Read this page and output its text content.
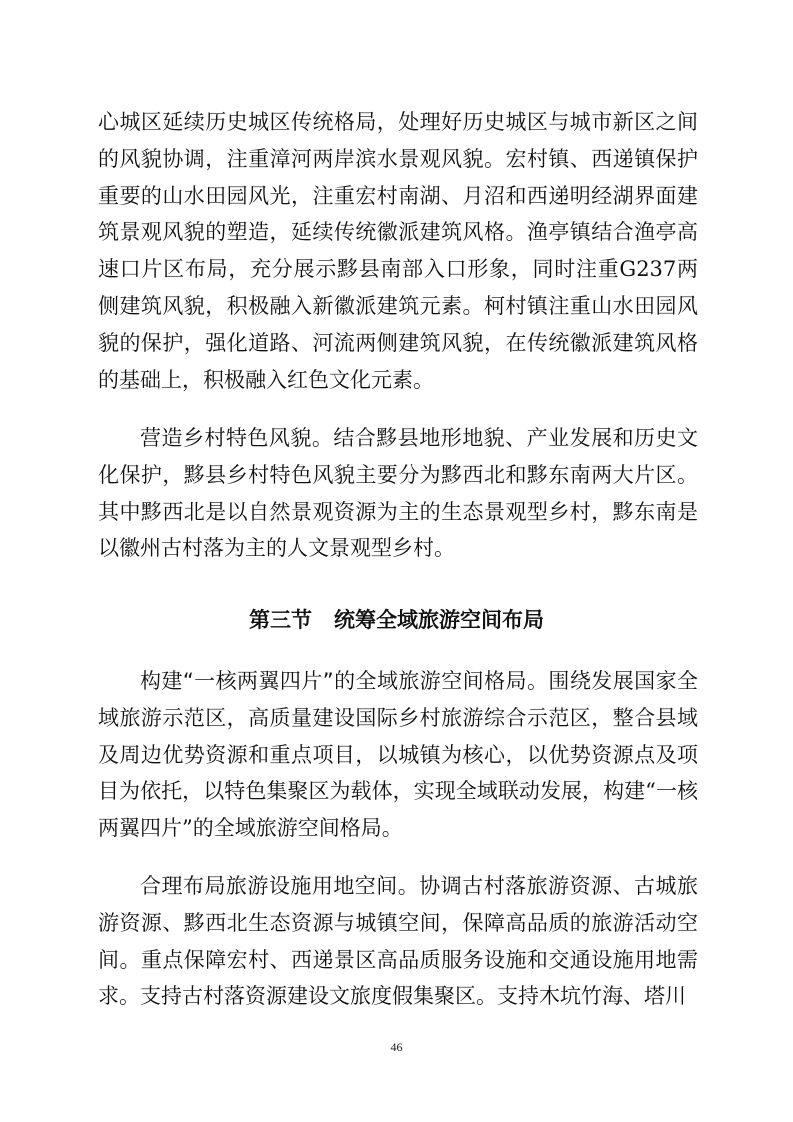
心城区延续历史城区传统格局，处理好历史城区与城市新区之间的风貌协调，注重漳河两岸滨水景观风貌。宏村镇、西递镇保护重要的山水田园风光，注重宏村南湖、月沼和西递明经湖界面建筑景观风貌的塑造，延续传统徽派建筑风格。渔亭镇结合渔亭高速口片区布局，充分展示黟县南部入口形象，同时注重G237两侧建筑风貌，积极融入新徽派建筑元素。柯村镇注重山水田园风貌的保护，强化道路、河流两侧建筑风貌，在传统徽派建筑风格的基础上，积极融入红色文化元素。

营造乡村特色风貌。结合黟县地形地貌、产业发展和历史文化保护，黟县乡村特色风貌主要分为黟西北和黟东南两大片区。其中黟西北是以自然景观资源为主的生态景观型乡村，黟东南是以徽州古村落为主的人文景观型乡村。

第三节   统筹全域旅游空间布局

构建“一核两翼四片”的全域旅游空间格局。围绕发展国家全域旅游示范区，高质量建设国际乡村旅游综合示范区，整合县域及周边优势资源和重点项目，以城镇为核心，以优势资源点及项目为依托，以特色集聚区为载体，实现全域联动发展，构建“一核两翼四片”的全域旅游空间格局。

合理布局旅游设施用地空间。协调古村落旅游资源、古城旅游资源、黟西北生态资源与城镇空间，保障高品质的旅游活动空间。重点保障宏村、西递景区高品质服务设施和交通设施用地需求。支持古村落资源建设文旅度假集聚区。支持木坑竹海、塔川

46
